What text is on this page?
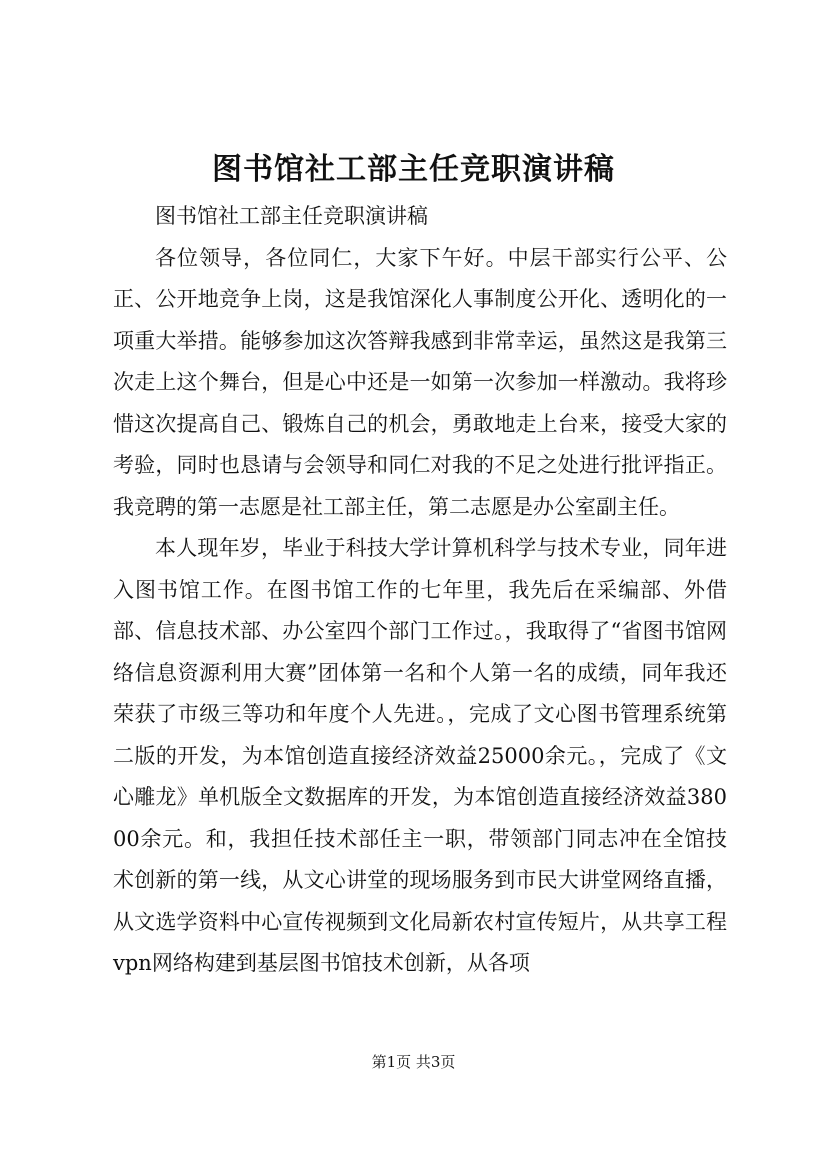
图书馆社工部主任竞职演讲稿

图书馆社工部主任竞职演讲稿

各位领导，各位同仁，大家下午好。中层干部实行公平、公正、公开地竞争上岗，这是我馆深化人事制度公开化、透明化的一项重大举措。能够参加这次答辩我感到非常幸运，虽然这是我第三次走上这个舞台，但是心中还是一如第一次参加一样激动。我将珍惜这次提高自己、锻炼自己的机会，勇敢地走上台来，接受大家的考验，同时也恳请与会领导和同仁对我的不足之处进行批评指正。我竞聘的第一志愿是社工部主任，第二志愿是办公室副主任。

本人现年岁，毕业于科技大学计算机科学与技术专业，同年进入图书馆工作。在图书馆工作的七年里，我先后在采编部、外借部、信息技术部、办公室四个部门工作过。，我取得了“省图书馆网络信息资源利用大赛”团体第一名和个人第一名的成绩，同年我还荣获了市级三等功和年度个人先进。，完成了文心图书管理系统第二版的开发，为本馆创造直接经济效益25000余元。，完成了《文心雕龙》单机版全文数据库的开发，为本馆创造直接经济效益38000余元。和，我担任技术部任主一职，带领部门同志冲在全馆技术创新的第一线，从文心讲堂的现场服务到市民大讲堂网络直播，从文选学资料中心宣传视频到文化局新农村宣传短片，从共享工程vpn网络构建到基层图书馆技术创新，从各项

第1页 共3页
